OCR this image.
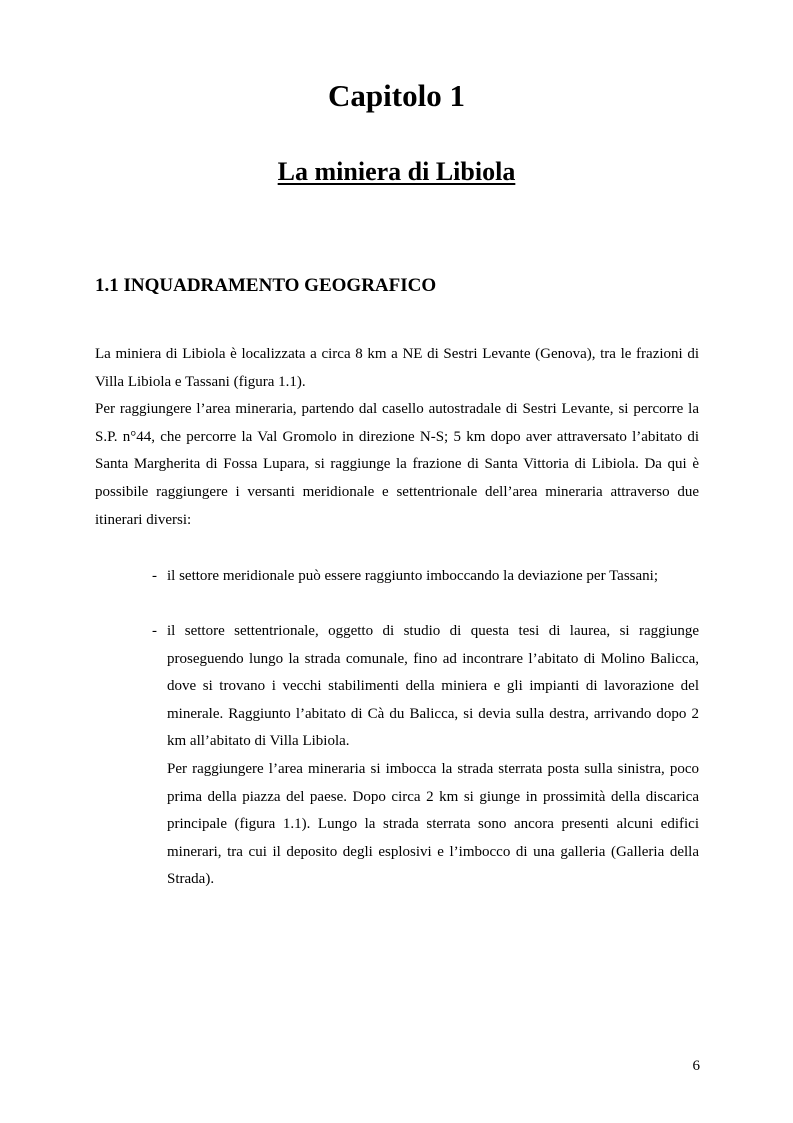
Capitolo 1
La miniera di Libiola
1.1 INQUADRAMENTO GEOGRAFICO

La miniera di Libiola è localizzata a circa 8 km a NE di Sestri Levante (Genova), tra le frazioni di Villa Libiola e Tassani (figura 1.1).

Per raggiungere l’area mineraria, partendo dal casello autostradale di Sestri Levante, si percorre la S.P. n°44, che percorre la Val Gromolo in direzione N-S; 5 km dopo aver attraversato l’abitato di Santa Margherita di Fossa Lupara, si raggiunge la frazione di Santa Vittoria di Libiola. Da qui è possibile raggiungere i versanti meridionale e settentrionale dell’area mineraria attraverso due itinerari diversi:

- il settore meridionale può essere raggiunto imboccando la deviazione per Tassani;

- il settore settentrionale, oggetto di studio di questa tesi di laurea, si raggiunge proseguendo lungo la strada comunale, fino ad incontrare l’abitato di Molino Balicca, dove si trovano i vecchi stabilimenti della miniera e gli impianti di lavorazione del minerale. Raggiunto l’abitato di Cà du Balicca, si devia sulla destra, arrivando dopo 2 km all’abitato di Villa Libiola.

Per raggiungere l’area mineraria si imbocca la strada sterrata posta sulla sinistra, poco prima della piazza del paese. Dopo circa 2 km si giunge in prossimità della discarica principale (figura 1.1). Lungo la strada sterrata sono ancora presenti alcuni edifici minerari, tra cui il deposito degli esplosivi e l’imbocco di una galleria (Galleria della Strada).

6
